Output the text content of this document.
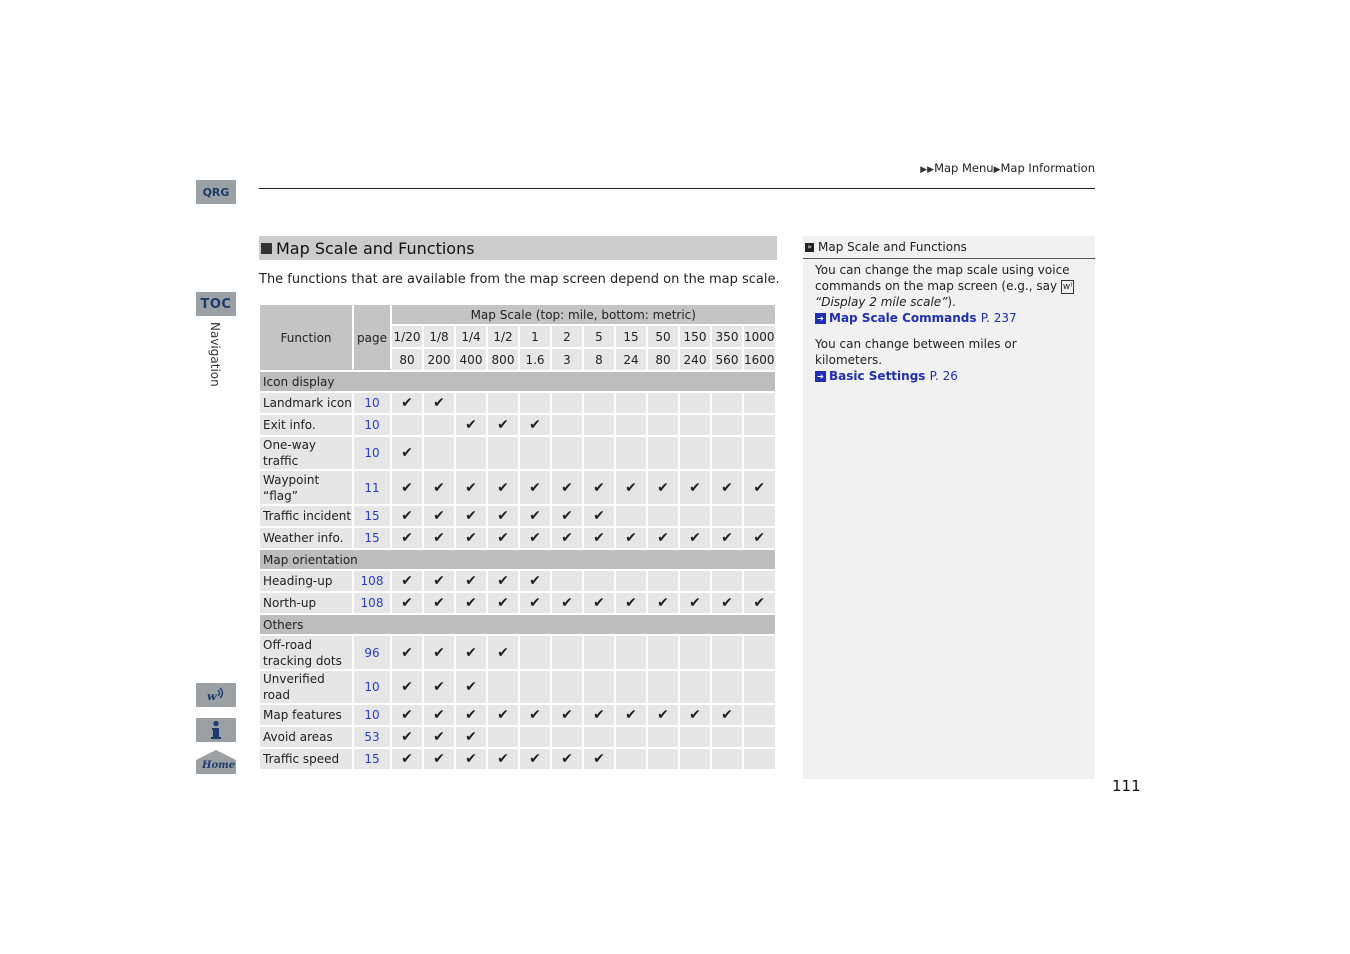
QRG
TOC
Navigation
w
Home
▶▶Map Menu▶Map Information
Map Scale and Functions
The functions that are available from the map screen depend on the map scale.
Function	page	Map Scale (top: mile, bottom: metric)											
		1/20	1/8	1/4	1/2	1	2	5	15	50	150	350	1000
		80	200	400	800	1.6	3	8	24	80	240	560	1600
Icon display													
Landmark icon	10	✔	✔										
Exit info.	10			✔	✔	✔							
One-way traffic	10	✔											
Waypoint “flag”	11	✔	✔	✔	✔	✔	✔	✔	✔	✔	✔	✔	✔
Traffic incident	15	✔	✔	✔	✔	✔	✔	✔					
Weather info.	15	✔	✔	✔	✔	✔	✔	✔	✔	✔	✔	✔	✔
Map orientation													
Heading-up	108	✔	✔	✔	✔	✔							
North-up	108	✔	✔	✔	✔	✔	✔	✔	✔	✔	✔	✔	✔
Others													
Off-road tracking dots	96	✔	✔	✔	✔								
Unverified road	10	✔	✔	✔									
Map features	10	✔	✔	✔	✔	✔	✔	✔	✔	✔	✔	✔	
Avoid areas	53	✔	✔	✔									
Traffic speed	15	✔	✔	✔	✔	✔	✔	✔					
» Map Scale and Functions

You can change the map scale using voice commands on the map screen (e.g., say w⁾
“Display 2 mile scale”).
➔ Map Scale Commands P. 237

You can change between miles or kilometers.
➔ Basic Settings P. 26

111
